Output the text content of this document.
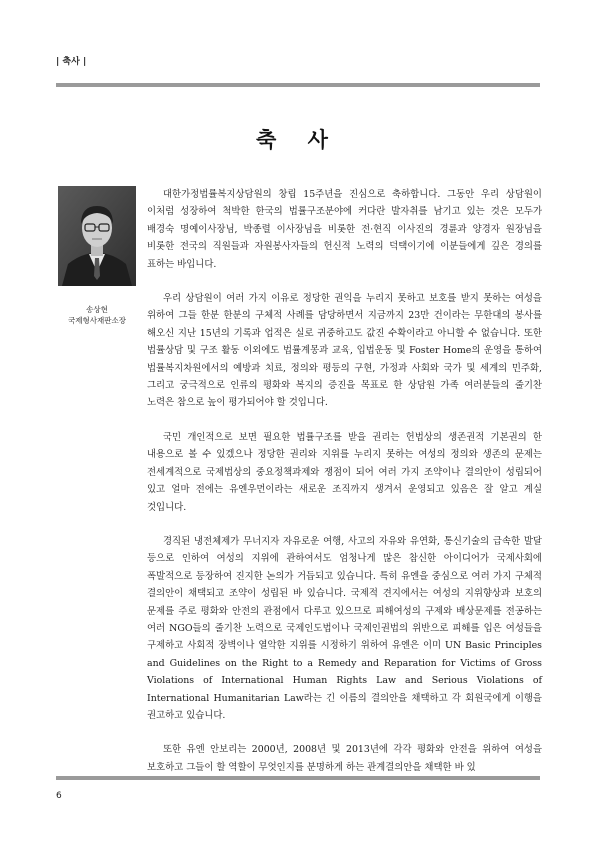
| 축사 |
축 사
송상현
국제형사재판소장

대한가정법률복지상담원의 창립 15주년을 진심으로 축하합니다. 그동안 우리 상담원이 이처럼 성장하여 척박한 한국의 법률구조분야에 커다란 발자취를 남기고 있는 것은 모두가 배경숙 명예이사장님, 박종렬 이사장님을 비롯한 전·현직 이사진의 경륜과 양경자 원장님을 비롯한 전국의 직원들과 자원봉사자들의 헌신적 노력의 덕택이기에 이분들에게 깊은 경의를 표하는 바입니다.

우리 상담원이 여러 가지 이유로 정당한 권익을 누리지 못하고 보호를 받지 못하는 여성을 위하여 그들 한분 한분의 구체적 사례를 담당하면서 지금까지 23만 건이라는 무한대의 봉사를 해오신 지난 15년의 기록과 업적은 실로 귀중하고도 값진 수확이라고 아니할 수 없습니다. 또한 법률상담 및 구조 활동 이외에도 법률계몽과 교육, 입법운동 및 Foster Home의 운영을 통하여 법률복지차원에서의 예방과 치료, 정의와 평등의 구현, 가정과 사회와 국가 및 세계의 민주화, 그리고 궁극적으로 인류의 평화와 복지의 증진을 목표로 한 상담원 가족 여러분들의 줄기찬 노력은 참으로 높이 평가되어야 할 것입니다.

국민 개인적으로 보면 필요한 법률구조를 받을 권리는 헌법상의 생존권적 기본권의 한 내용으로 볼 수 있겠으나 정당한 권리와 지위를 누리지 못하는 여성의 정의와 생존의 문제는 전세계적으로 국제법상의 중요정책과제와 쟁점이 되어 여러 가지 조약이나 결의안이 성립되어 있고 얼마 전에는 유엔우먼이라는 새로운 조직까지 생겨서 운영되고 있음은 잘 알고 계실 것입니다.

경직된 냉전체제가 무너지자 자유로운 여행, 사고의 자유와 유연화, 통신기술의 급속한 발달 등으로 인하여 여성의 지위에 관하여서도 엄청나게 많은 참신한 아이디어가 국제사회에 폭발적으로 등장하여 진지한 논의가 거듭되고 있습니다. 특히 유엔을 중심으로 여러 가지 구체적 결의안이 채택되고 조약이 성립된 바 있습니다. 국제적 견지에서는 여성의 지위향상과 보호의 문제를 주로 평화와 안전의 관점에서 다루고 있으므로 피해여성의 구제와 배상문제를 전공하는 여러 NGO들의 줄기찬 노력으로 국제인도법이나 국제인권법의 위반으로 피해를 입은 여성들을 구제하고 사회적 장벽이나 열악한 지위를 시정하기 위하여 유엔은 이미 UN Basic Principles and Guidelines on the Right to a Remedy and Reparation for Victims of Gross Violations of International Human Rights Law and Serious Violations of International Humanitarian Law라는 긴 이름의 결의안을 채택하고 각 회원국에게 이행을 권고하고 있습니다.

또한 유엔 안보리는 2000년, 2008년 및 2013년에 각각 평화와 안전을 위하여 여성을 보호하고 그들이 할 역할이 무엇인지를 분명하게 하는 관계결의안을 채택한 바 있

6
